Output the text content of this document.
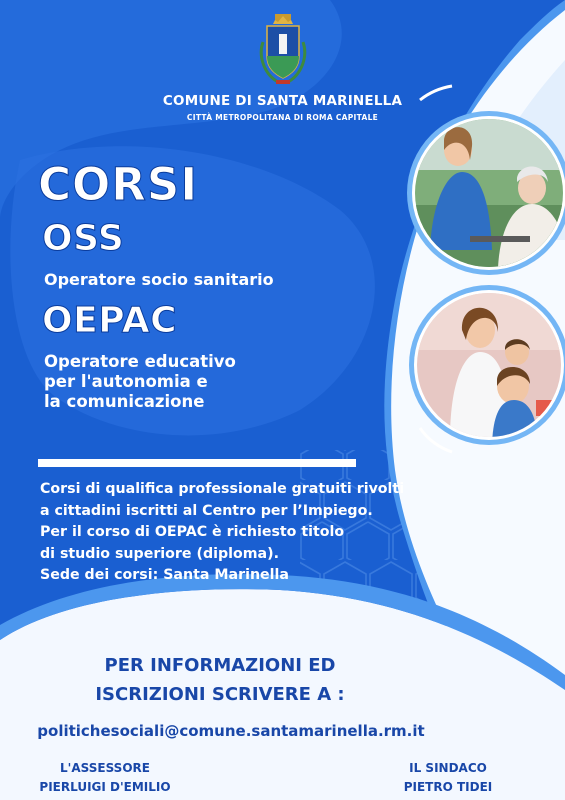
COMUNE DI SANTA MARINELLA
CITTÀ METROPOLITANA DI ROMA CAPITALE
CORSI
OSS
Operatore socio sanitario
OEPAC
Operatore educativo
per l'autonomia e
la comunicazione
Corsi di qualifica professionale gratuiti rivolti
a cittadini iscritti al Centro per l’Impiego.
Per il corso di OEPAC è richiesto titolo
di studio superiore (diploma).
Sede dei corsi: Santa Marinella
PER INFORMAZIONI ED
ISCRIZIONI SCRIVERE A :
politichesociali@comune.santamarinella.rm.it
L'ASSESSORE
PIERLUIGI D'EMILIO
IL SINDACO
PIETRO TIDEI
